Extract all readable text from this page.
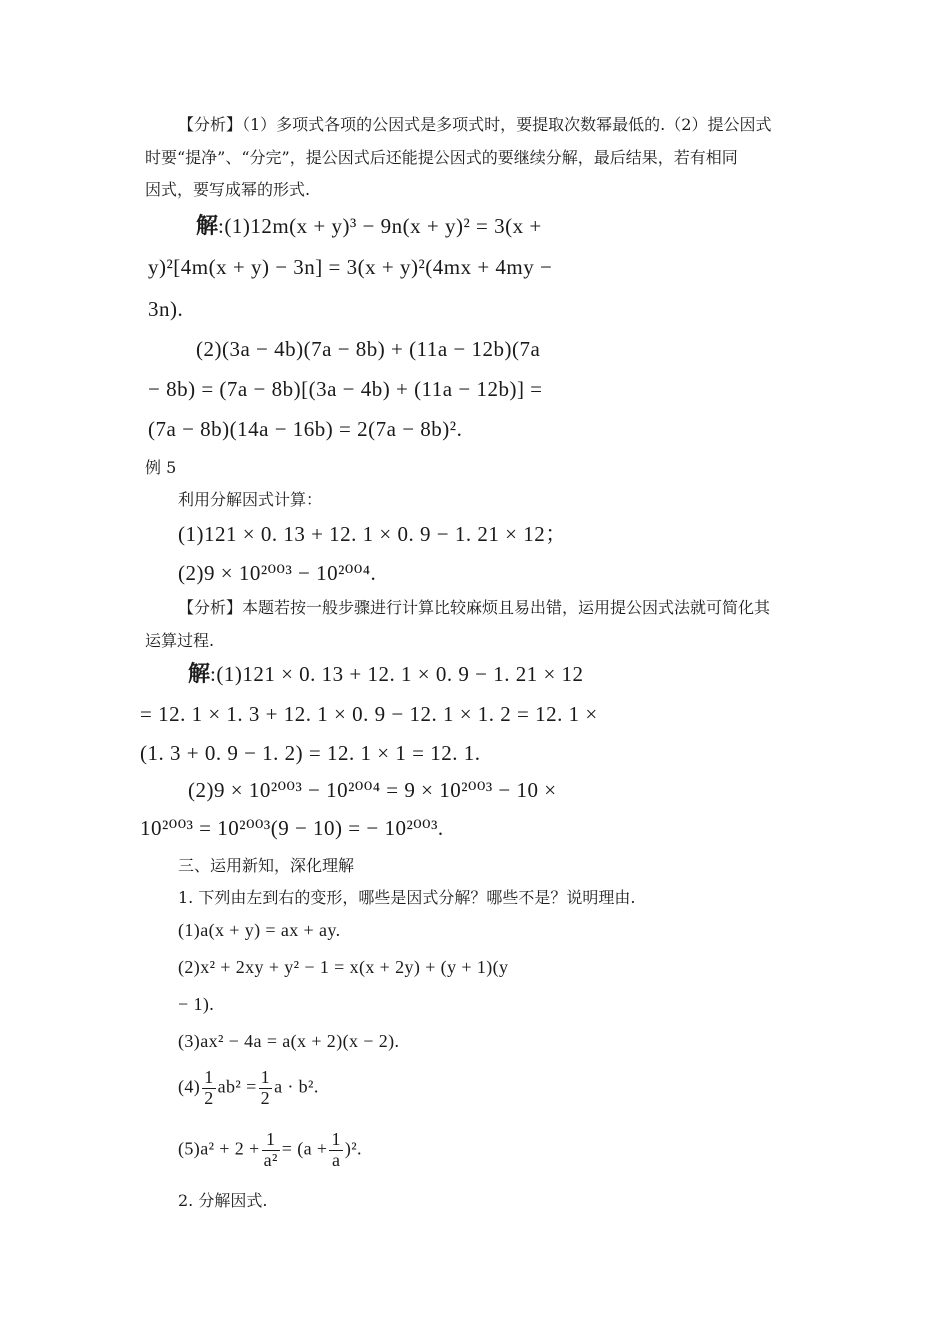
【分析】（1）多项式各项的公因式是多项式时，要提取次数幂最低的.（2）提公因式
时要“提净”、“分完”，提公因式后还能提公因式的要继续分解，最后结果，若有相同
因式，要写成幂的形式.
解:(1)12m(x + y)³ − 9n(x + y)² = 3(x +
y)²[4m(x + y) − 3n] = 3(x + y)²(4mx + 4my −
3n).
(2)(3a − 4b)(7a − 8b) + (11a − 12b)(7a
− 8b) = (7a − 8b)[(3a − 4b) + (11a − 12b)] =
(7a − 8b)(14a − 16b) = 2(7a − 8b)².
例 5
利用分解因式计算：
(1)121 × 0. 13 + 12. 1 × 0. 9 − 1. 21 × 12；
(2)9 × 10²⁰⁰³ − 10²⁰⁰⁴.
【分析】本题若按一般步骤进行计算比较麻烦且易出错，运用提公因式法就可简化其
运算过程.
解:(1)121 × 0. 13 + 12. 1 × 0. 9 − 1. 21 × 12
= 12. 1 × 1. 3 + 12. 1 × 0. 9 − 12. 1 × 1. 2 = 12. 1 ×
(1. 3 + 0. 9 − 1. 2) = 12. 1 × 1 = 12. 1.
(2)9 × 10²⁰⁰³ − 10²⁰⁰⁴ = 9 × 10²⁰⁰³ − 10 ×
10²⁰⁰³ = 10²⁰⁰³(9 − 10) = − 10²⁰⁰³.
三、运用新知，深化理解
1. 下列由左到右的变形，哪些是因式分解？哪些不是？说明理由.
(1)a(x + y) = ax + ay.
(2)x² + 2xy + y² − 1 = x(x + 2y) + (y + 1)(y
− 1).
(3)ax² − 4a = a(x + 2)(x − 2).
$(4) \frac{1}{2} ab^2 = \frac{1}{2}$ a · b².
$(5)a^2 + 2 + \frac{1}{\text{a²}} = (a + \frac{1}{a} )^2$.
2. 分解因式.
